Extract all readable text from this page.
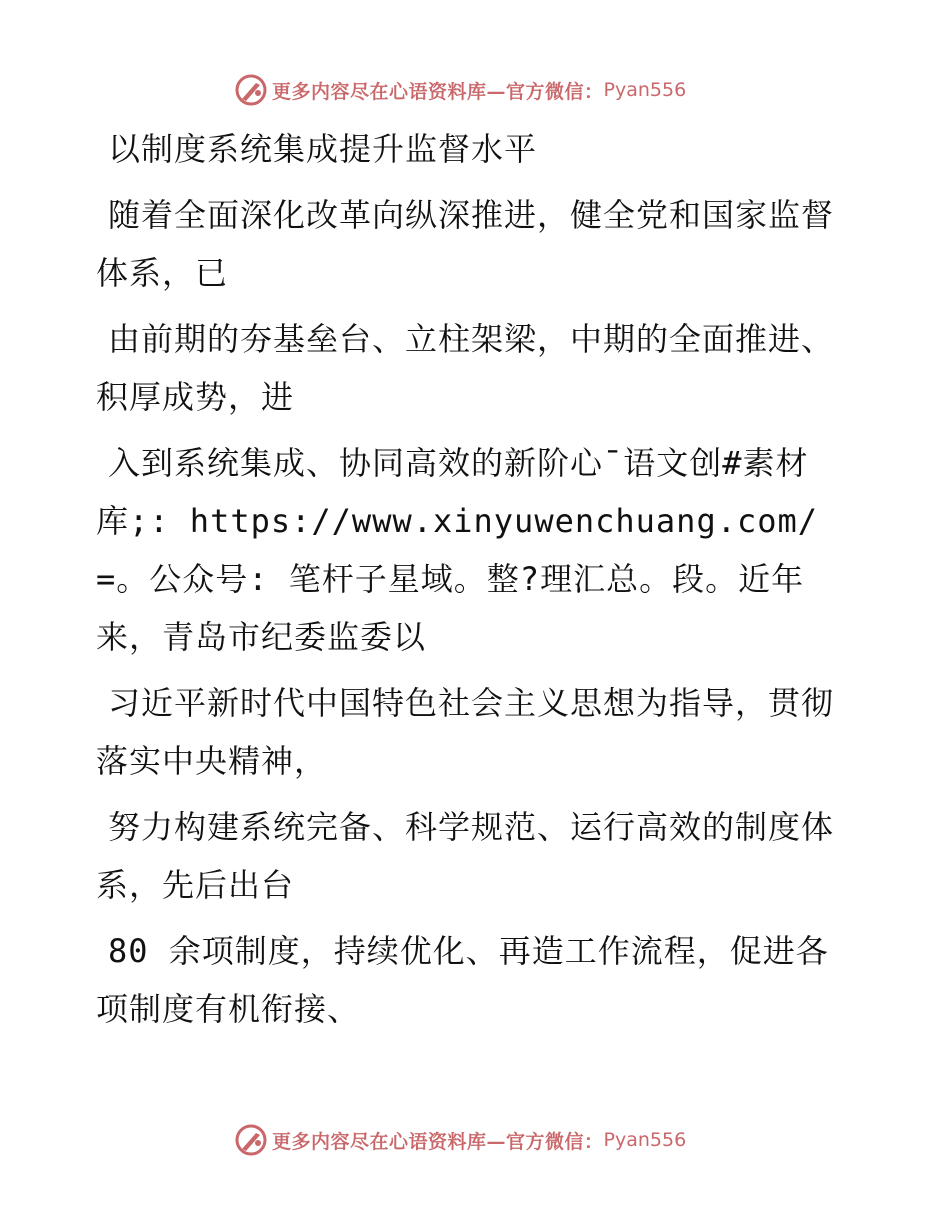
更多内容尽在心语资料库—官方微信： Pyan556
以制度系统集成提升监督水平

随着全面深化改革向纵深推进，健全党和国家监督体系，已

由前期的夯基垒台、立柱架梁，中期的全面推进、积厚成势，进

入到系统集成、协同高效的新阶心¯语文创#素材库;: https://www.xinyuwenchuang.com/=。公众号: 笔杆子星域。整?理汇总。段。近年来，青岛市纪委监委以

习近平新时代中国特色社会主义思想为指导，贯彻落实中央精神，

努力构建系统完备、科学规范、运行高效的制度体系，先后出台

80 余项制度，持续优化、再造工作流程，促进各项制度有机衔接、

更多内容尽在心语资料库—官方微信： Pyan556
